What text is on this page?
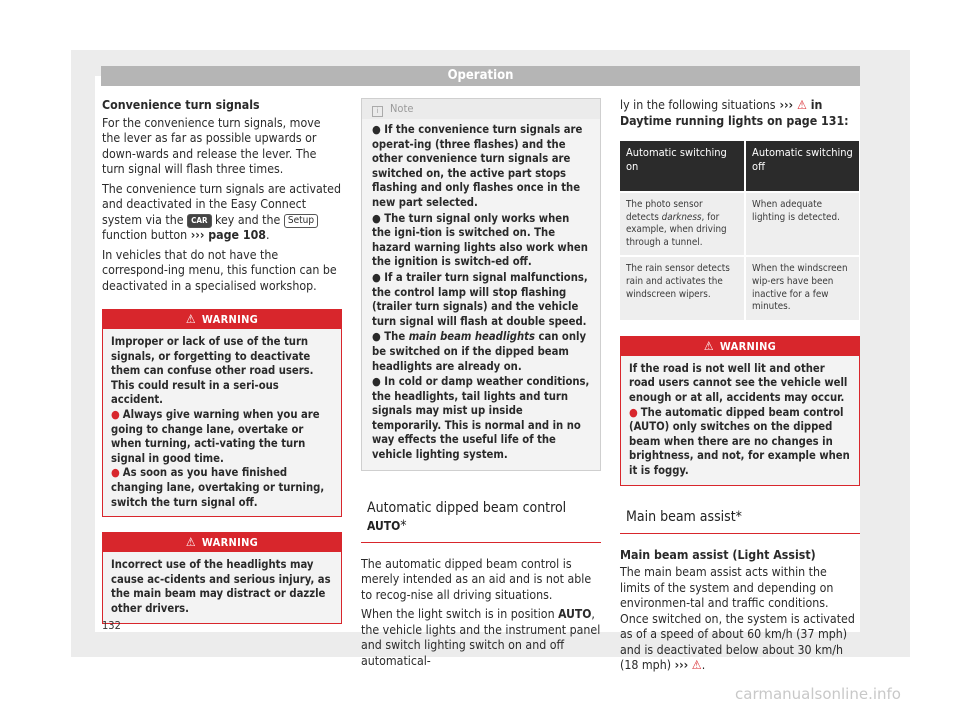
Operation
Convenience turn signals

For the convenience turn signals, move the lever as far as possible upwards or down-wards and release the lever. The turn signal will flash three times.

The convenience turn signals are activated and deactivated in the Easy Connect system via the CAR key and the Setup function button ››› page 108.

In vehicles that do not have the correspond-ing menu, this function can be deactivated in a specialised workshop.

⚠ WARNING
Improper or lack of use of the turn signals, or forgetting to deactivate them can confuse other road users. This could result in a seri-ous accident.
● Always give warning when you are going to change lane, overtake or when turning, acti-vating the turn signal in good time.
● As soon as you have finished changing lane, overtaking or turning, switch the turn signal off.
⚠ WARNING
Incorrect use of the headlights may cause ac-cidents and serious injury, as the main beam may distract or dazzle other drivers.
i Note
● If the convenience turn signals are operat-ing (three flashes) and the other convenience turn signals are switched on, the active part stops flashing and only flashes once in the new part selected.
● The turn signal only works when the igni-tion is switched on. The hazard warning lights also work when the ignition is switch-ed off.
● If a trailer turn signal malfunctions, the control lamp will stop flashing (trailer turn signals) and the vehicle turn signal will flash at double speed.
● The main beam headlights can only be switched on if the dipped beam headlights are already on.
● In cold or damp weather conditions, the headlights, tail lights and turn signals may mist up inside temporarily. This is normal and in no way effects the useful life of the vehicle lighting system.
Automatic dipped beam control AUTO*

The automatic dipped beam control is merely intended as an aid and is not able to recog-nise all driving situations.

When the light switch is in position AUTO, the vehicle lights and the instrument panel and switch lighting switch on and off automatical-

ly in the following situations ››› ⚠ in Daytime running lights on page 131:

Automatic switching on	Automatic switching off
The photo sensor detects darkness, for example, when driving through a tunnel.	When adequate lighting is detected.
The rain sensor detects rain and activates the windscreen wipers.	When the windscreen wip-ers have been inactive for a few minutes.
⚠ WARNING
If the road is not well lit and other road users cannot see the vehicle well enough or at all, accidents may occur.
● The automatic dipped beam control (AUTO) only switches on the dipped beam when there are no changes in brightness, and not, for example when it is foggy.
Main beam assist*
Main beam assist (Light Assist)

The main beam assist acts within the limits of the system and depending on environmen-tal and traffic conditions. Once switched on, the system is activated as of a speed of about 60 km/h (37 mph) and is deactivated below about 30 km/h (18 mph) ››› ⚠.

132
carmanualsonline.info
